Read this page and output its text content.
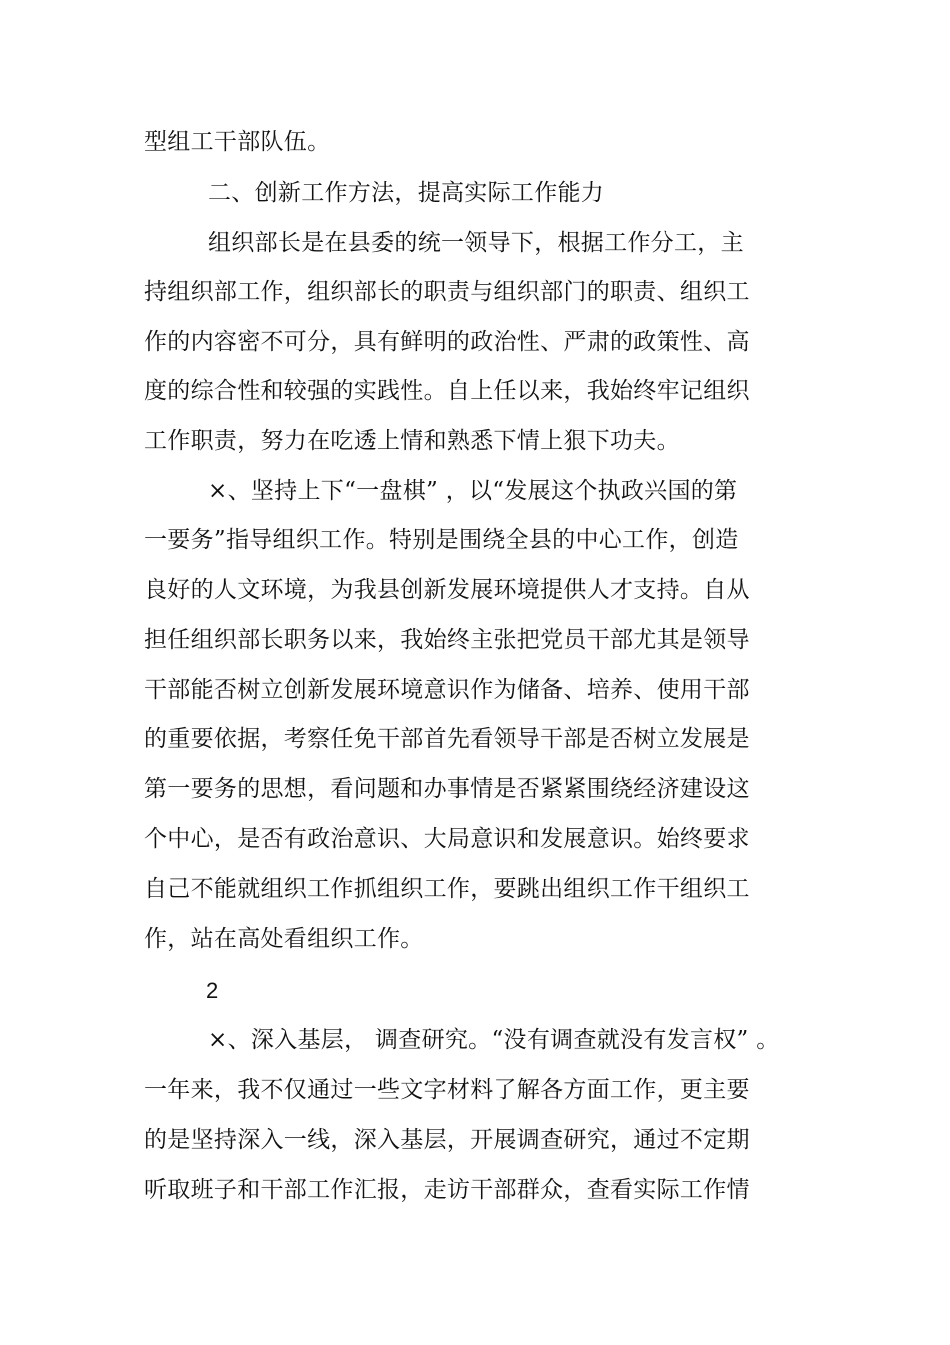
型组工干部队伍。
二、创新工作方法，提高实际工作能力
组织部长是在县委的统一领导下，根据工作分工，主
持组织部工作，组织部长的职责与组织部门的职责、组织工
作的内容密不可分，具有鲜明的政治性、严肃的政策性、高
度的综合性和较强的实践性。自上任以来，我始终牢记组织
工作职责，努力在吃透上情和熟悉下情上狠下功夫。
×、坚持上下“一盘棋” ，以“发展这个执政兴国的第
一要务”指导组织工作。特别是围绕全县的中心工作，创造
良好的人文环境，为我县创新发展环境提供人才支持。自从
担任组织部长职务以来，我始终主张把党员干部尤其是领导
干部能否树立创新发展环境意识作为储备、培养、使用干部
的重要依据，考察任免干部首先看领导干部是否树立发展是
第一要务的思想，看问题和办事情是否紧紧围绕经济建设这
个中心，是否有政治意识、大局意识和发展意识。始终要求
自己不能就组织工作抓组织工作，要跳出组织工作干组织工
作，站在高处看组织工作。
2
×、深入基层， 调查研究。“没有调查就没有发言权” 。
一年来，我不仅通过一些文字材料了解各方面工作，更主要
的是坚持深入一线，深入基层，开展调查研究，通过不定期
听取班子和干部工作汇报，走访干部群众，查看实际工作情
